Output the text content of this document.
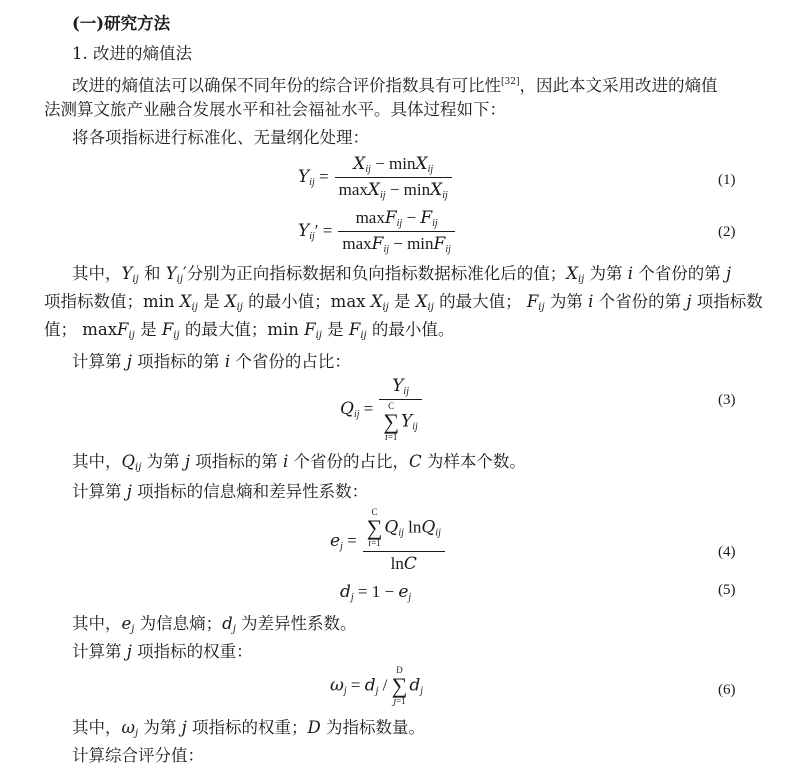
(一)研究方法
1. 改进的熵值法
改进的熵值法可以确保不同年份的综合评价指数具有可比性[32]，因此本文采用改进的熵值
法测算文旅产业融合发展水平和社会福祉水平。具体过程如下：
将各项指标进行标准化、无量纲化处理：
$Y_{ij} = \frac{X_{ij} - \min X_{ij}}{\max X_{ij} - \min X_{ij}}$	(1)
$Y_{ij}' = \frac{\max F_{ij} - F_{ij}}{\max F_{ij} - \min F_{ij}}$	(2)
其中，$Y_{ij}$ 和 $Y_{ij}'$分别为正向指标数据和负向指标数据标准化后的值；$X_{ij}$ 为第 i 个省份的第 j
项指标数值；$\min X_{ij}$ 是 $X_{ij}$ 的最小值；$\max X_{ij}$ 是 $X_{ij}$ 的最大值； $F_{ij}$ 为第 i 个省份的第 j 项指标数
值； maxF$_{ij}$ 是 $F_{ij}$ 的最大值；$\min F_{ij}$ 是 $F_{ij}$ 的最小值。
计算第 j 项指标的第 i 个省份的占比：
$Q_{ij} = Y_{ij}$
C
∑
i=1
$Y_{ij}$	(3)
其中，$Q_{ij}$ 为第 j 项指标的第 i 个省份的占比，C 为样本个数。
计算第 j 项指标的信息熵和差异性系数：
$e_j = C$
∑
i=1
$Q_{ij}$ lnQ$_{ij}$
lnC	(4)
$d_j = 1 - e_j$	(5)
其中，$e_j$ 为信息熵；$d_j$ 为差异性系数。
计算第 j 项指标的权重：
$\omega_j = d_j$ /
D
∑
j=1
$d_j$	(6)
其中，$\omega_j$ 为第 j 项指标的权重；D 为指标数量。
计算综合评分值：
